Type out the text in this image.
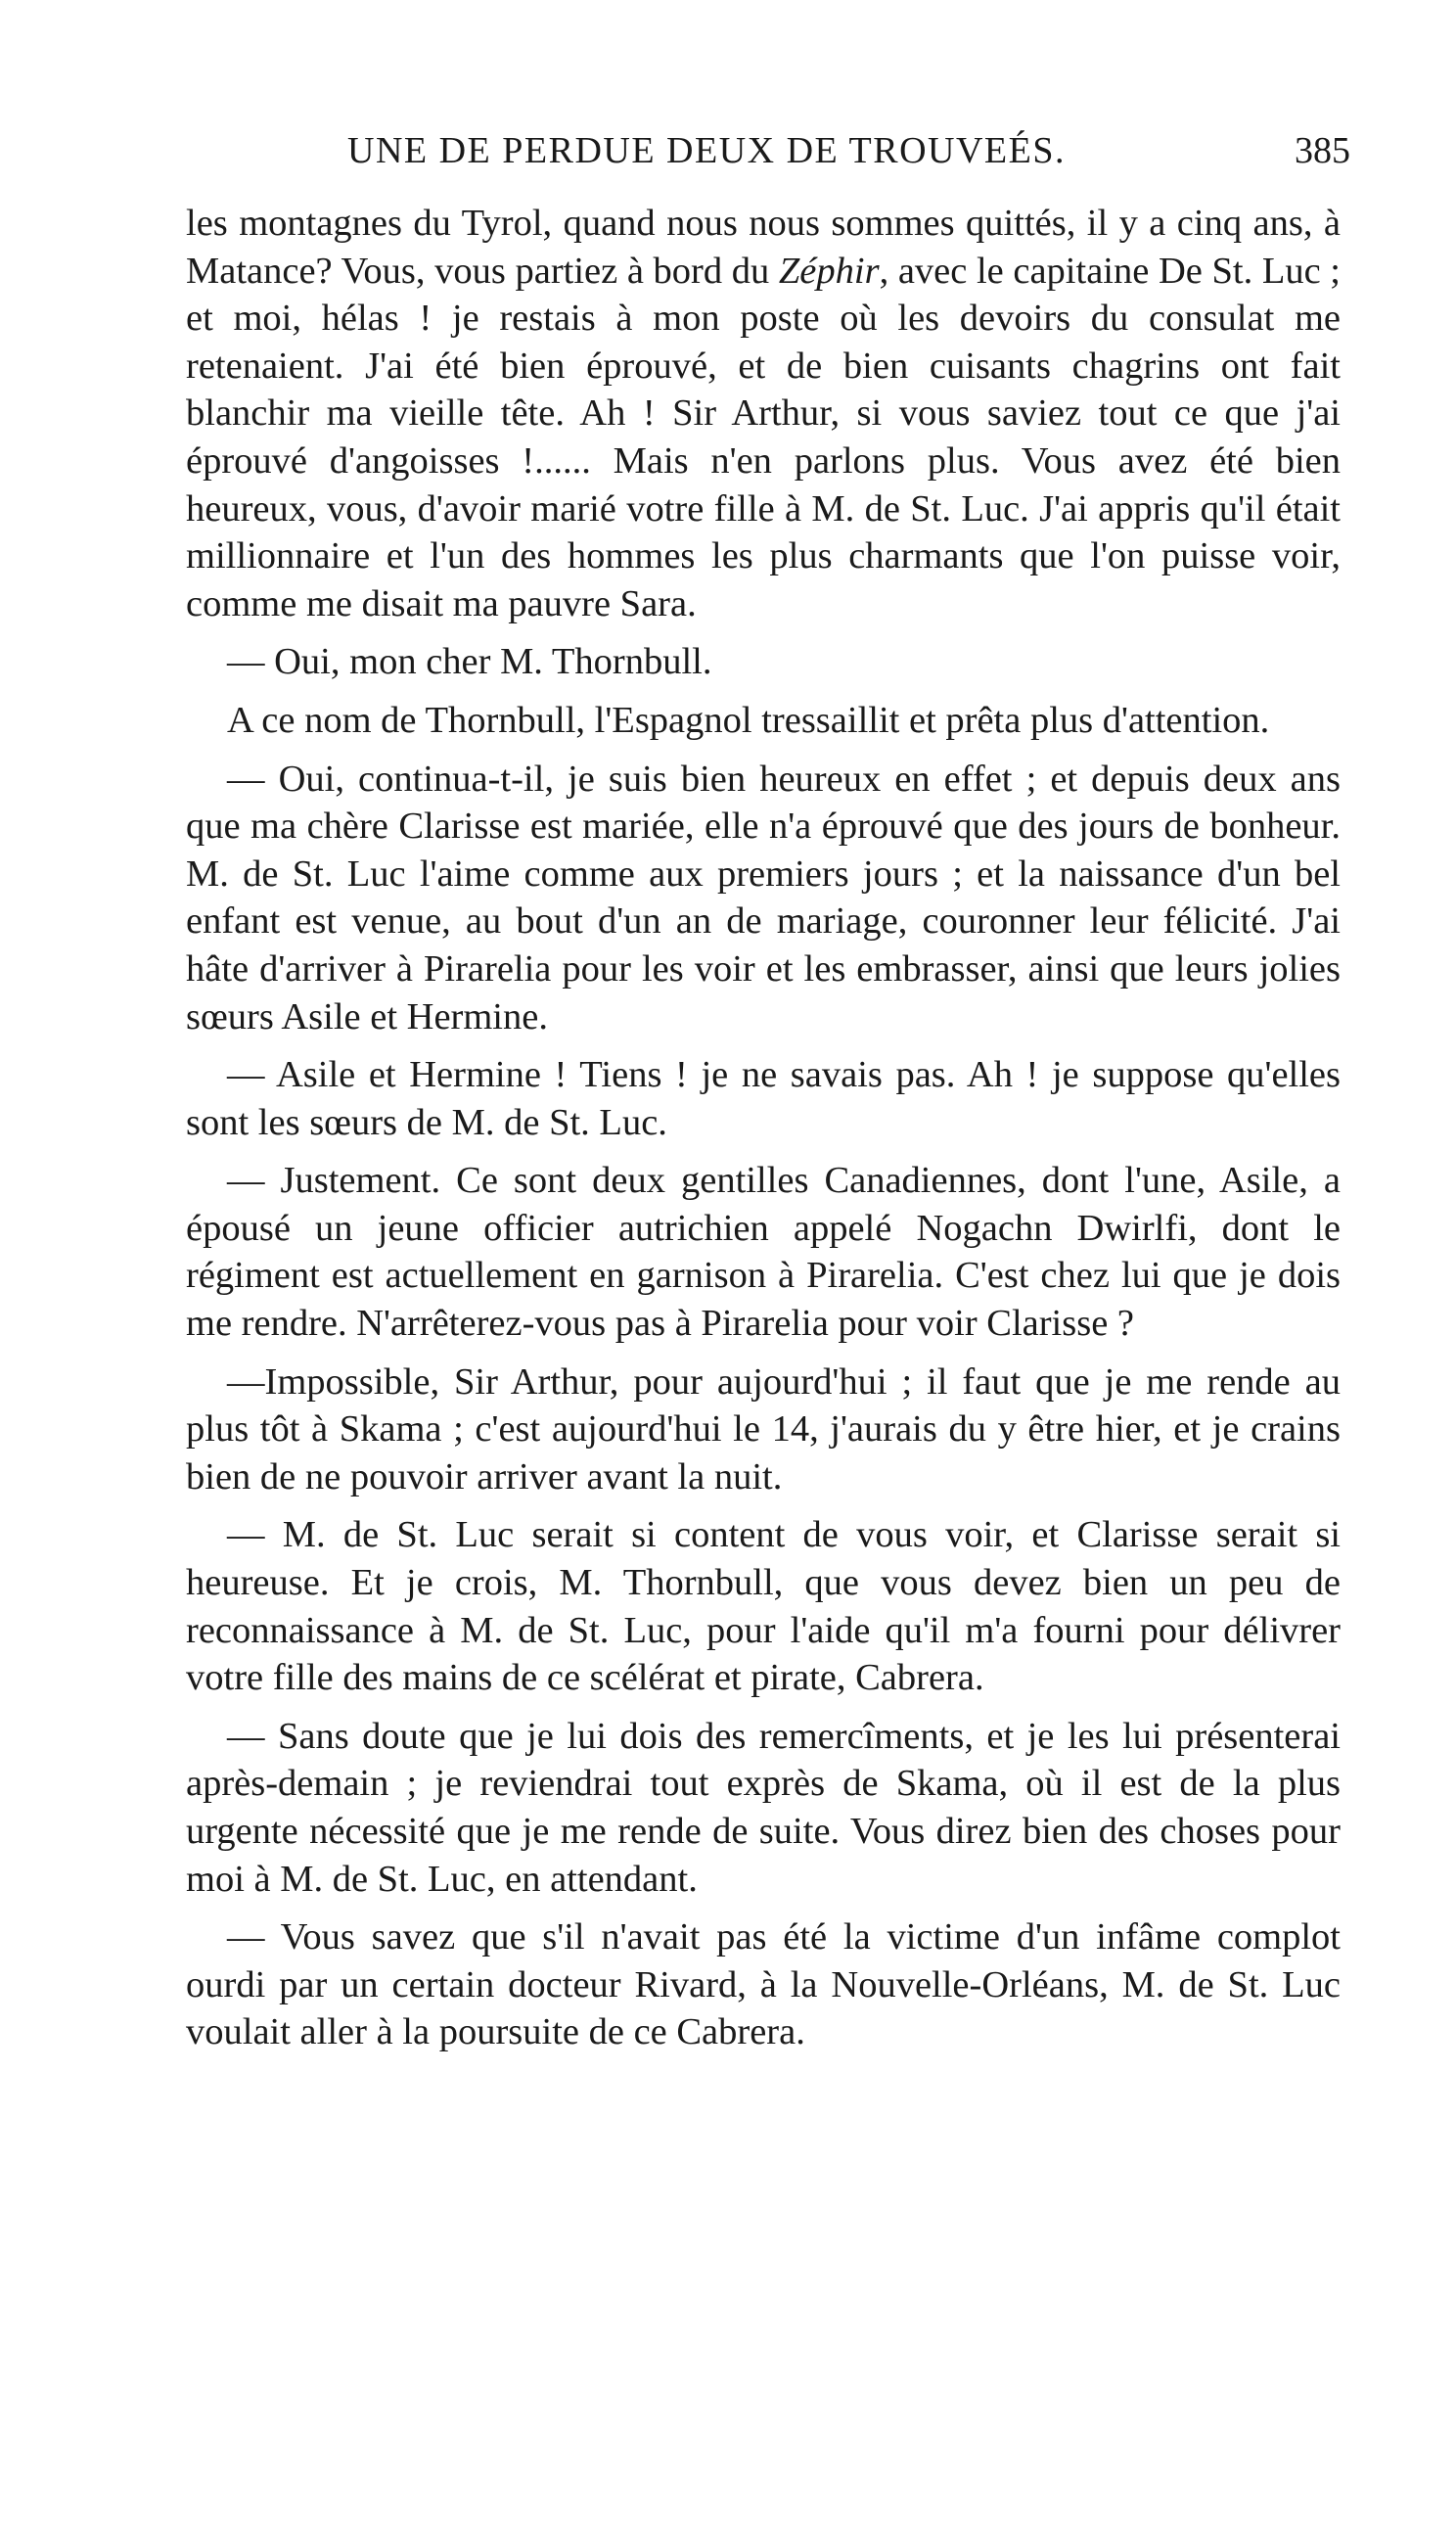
UNE DE PERDUE DEUX DE TROUVEÉS.	385

les montagnes du Tyrol, quand nous nous sommes quittés, il y a cinq ans, à Matance? Vous, vous partiez à bord du Zéphir, avec le capitaine De St. Luc ; et moi, hélas ! je restais à mon poste où les devoirs du consulat me retenaient. J'ai été bien éprouvé, et de bien cuisants chagrins ont fait blanchir ma vieille tête. Ah ! Sir Arthur, si vous saviez tout ce que j'ai éprouvé d'angoisses !...... Mais n'en parlons plus. Vous avez été bien heureux, vous, d'avoir marié votre fille à M. de St. Luc. J'ai appris qu'il était millionnaire et l'un des hommes les plus charmants que l'on puisse voir, comme me disait ma pauvre Sara.

— Oui, mon cher M. Thornbull.

A ce nom de Thornbull, l'Espagnol tressaillit et prêta plus d'attention.

— Oui, continua-t-il, je suis bien heureux en effet ; et depuis deux ans que ma chère Clarisse est mariée, elle n'a éprouvé que des jours de bonheur. M. de St. Luc l'aime comme aux premiers jours ; et la naissance d'un bel enfant est venue, au bout d'un an de mariage, couronner leur félicité. J'ai hâte d'arriver à Pirarelia pour les voir et les embrasser, ainsi que leurs jolies sœurs Asile et Hermine.

— Asile et Hermine ! Tiens ! je ne savais pas. Ah ! je suppose qu'elles sont les sœurs de M. de St. Luc.

— Justement. Ce sont deux gentilles Canadiennes, dont l'une, Asile, a épousé un jeune officier autrichien appelé Nogachn Dwirlfi, dont le régiment est actuellement en garnison à Pirarelia. C'est chez lui que je dois me rendre. N'arrêterez-vous pas à Pirarelia pour voir Clarisse ?

—Impossible, Sir Arthur, pour aujourd'hui ; il faut que je me rende au plus tôt à Skama ; c'est aujourd'hui le 14, j'aurais du y être hier, et je crains bien de ne pouvoir arriver avant la nuit.

— M. de St. Luc serait si content de vous voir, et Clarisse serait si heureuse. Et je crois, M. Thornbull, que vous devez bien un peu de reconnaissance à M. de St. Luc, pour l'aide qu'il m'a fourni pour délivrer votre fille des mains de ce scélérat et pirate, Cabrera.

— Sans doute que je lui dois des remercîments, et je les lui présenterai après-demain ; je reviendrai tout exprès de Skama, où il est de la plus urgente nécessité que je me rende de suite. Vous direz bien des choses pour moi à M. de St. Luc, en attendant.

— Vous savez que s'il n'avait pas été la victime d'un infâme complot ourdi par un certain docteur Rivard, à la Nouvelle-Orléans, M. de St. Luc voulait aller à la poursuite de ce Cabrera.
